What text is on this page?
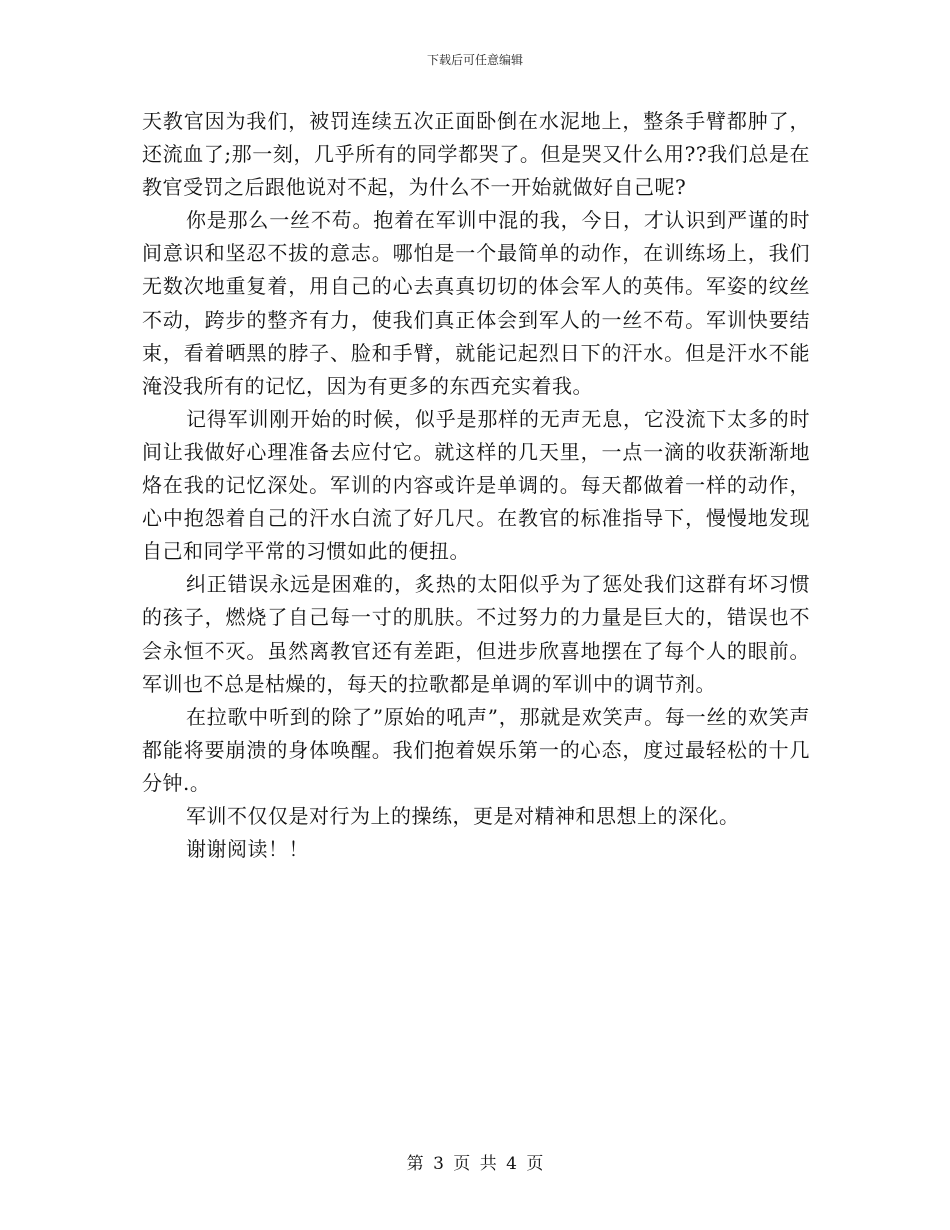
下载后可任意编辑

天教官因为我们，被罚连续五次正面卧倒在水泥地上，整条手臂都肿了，还流血了;那一刻，几乎所有的同学都哭了。但是哭又什么用??我们总是在教官受罚之后跟他说对不起，为什么不一开始就做好自己呢?

你是那么一丝不苟。抱着在军训中混的我，今日，才认识到严谨的时间意识和坚忍不拔的意志。哪怕是一个最简单的动作，在训练场上，我们无数次地重复着，用自己的心去真真切切的体会军人的英伟。军姿的纹丝不动，跨步的整齐有力，使我们真正体会到军人的一丝不苟。军训快要结束，看着晒黑的脖子、脸和手臂，就能记起烈日下的汗水。但是汗水不能淹没我所有的记忆，因为有更多的东西充实着我。

记得军训刚开始的时候，似乎是那样的无声无息，它没流下太多的时间让我做好心理准备去应付它。就这样的几天里，一点一滴的收获渐渐地烙在我的记忆深处。军训的内容或许是单调的。每天都做着一样的动作，心中抱怨着自己的汗水白流了好几尺。在教官的标准指导下，慢慢地发现自己和同学平常的习惯如此的便扭。

纠正错误永远是困难的，炙热的太阳似乎为了惩处我们这群有坏习惯的孩子，燃烧了自己每一寸的肌肤。不过努力的力量是巨大的，错误也不会永恒不灭。虽然离教官还有差距，但进步欣喜地摆在了每个人的眼前。军训也不总是枯燥的，每天的拉歌都是单调的军训中的调节剂。

在拉歌中听到的除了”原始的吼声”，那就是欢笑声。每一丝的欢笑声都能将要崩溃的身体唤醒。我们抱着娱乐第一的心态，度过最轻松的十几分钟.。

军训不仅仅是对行为上的操练，更是对精神和思想上的深化。

谢谢阅读！！

第 3 页 共 4 页
